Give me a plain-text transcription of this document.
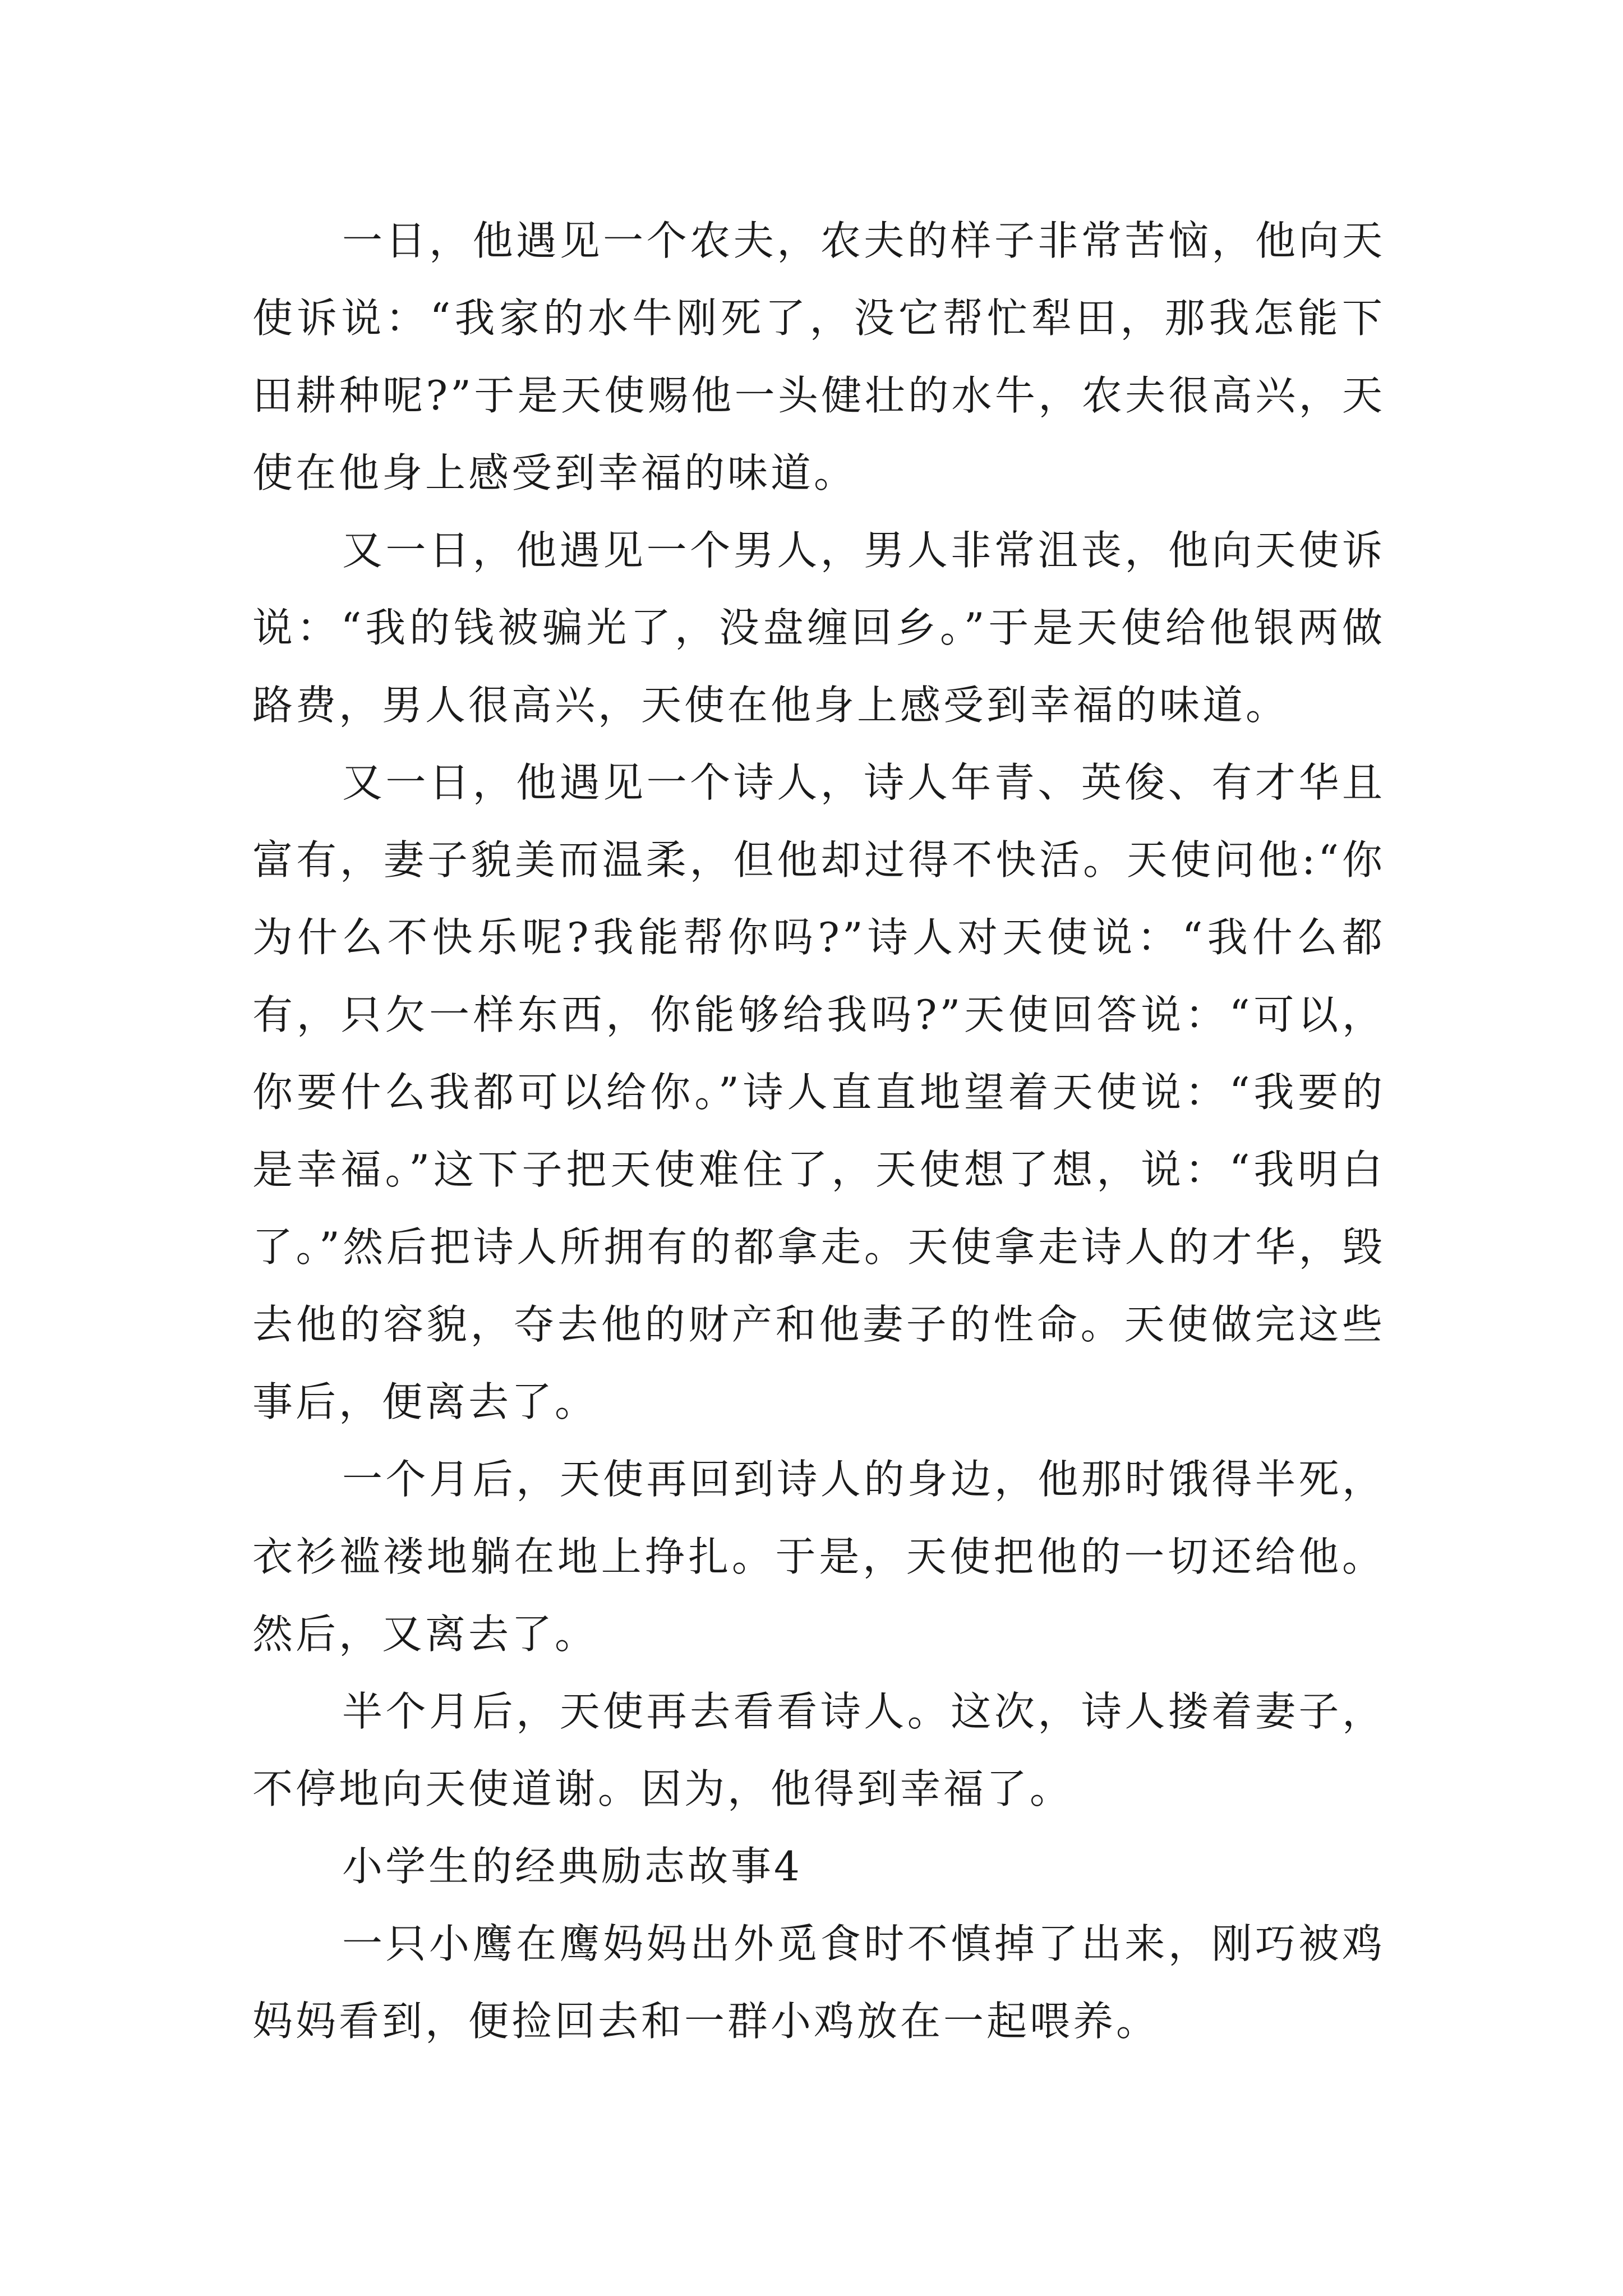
一日，他遇见一个农夫，农夫的样子非常苦恼，他向天使诉说：“我家的水牛刚死了，没它帮忙犁田，那我怎能下田耕种呢?”于是天使赐他一头健壮的水牛，农夫很高兴，天使在他身上感受到幸福的味道。

又一日，他遇见一个男人，男人非常沮丧，他向天使诉说：“我的钱被骗光了，没盘缠回乡。”于是天使给他银两做路费，男人很高兴，天使在他身上感受到幸福的味道。

又一日，他遇见一个诗人，诗人年青、英俊、有才华且富有，妻子貌美而温柔，但他却过得不快活。天使问他:“你为什么不快乐呢?我能帮你吗?”诗人对天使说：“我什么都有，只欠一样东西，你能够给我吗?”天使回答说：“可以，你要什么我都可以给你。”诗人直直地望着天使说：“我要的是幸福。”这下子把天使难住了，天使想了想，说：“我明白了。”然后把诗人所拥有的都拿走。天使拿走诗人的才华，毁去他的容貌，夺去他的财产和他妻子的性命。天使做完这些事后，便离去了。

一个月后，天使再回到诗人的身边，他那时饿得半死，衣衫褴褛地躺在地上挣扎。于是，天使把他的一切还给他。然后，又离去了。

半个月后，天使再去看看诗人。这次，诗人搂着妻子，不停地向天使道谢。因为，他得到幸福了。

小学生的经典励志故事4

一只小鹰在鹰妈妈出外觅食时不慎掉了出来，刚巧被鸡妈妈看到，便捡回去和一群小鸡放在一起喂养。
